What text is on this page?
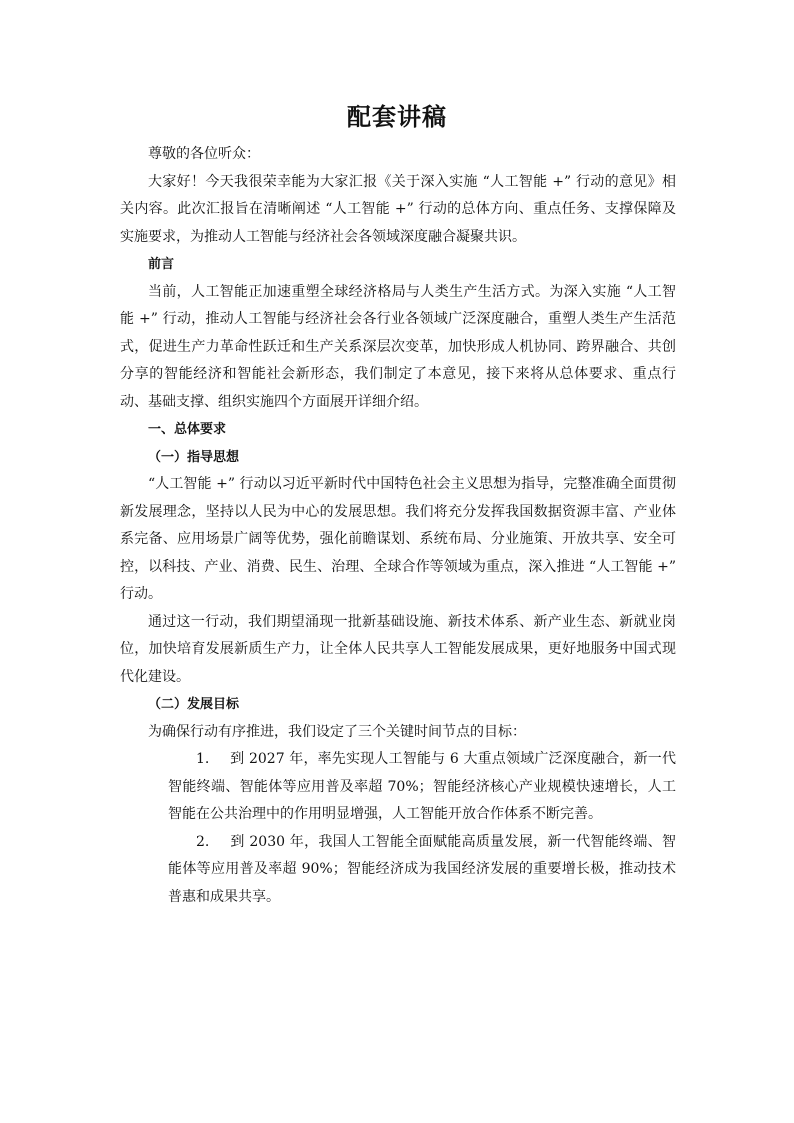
配套讲稿

尊敬的各位听众：

大家好！今天我很荣幸能为大家汇报《关于深入实施 “人工智能 +” 行动的意见》相关内容。此次汇报旨在清晰阐述 “人工智能 +” 行动的总体方向、重点任务、支撑保障及实施要求，为推动人工智能与经济社会各领域深度融合凝聚共识。

前言

当前，人工智能正加速重塑全球经济格局与人类生产生活方式。为深入实施 “人工智能 +” 行动，推动人工智能与经济社会各行业各领域广泛深度融合，重塑人类生产生活范式，促进生产力革命性跃迁和生产关系深层次变革，加快形成人机协同、跨界融合、共创分享的智能经济和智能社会新形态，我们制定了本意见，接下来将从总体要求、重点行动、基础支撑、组织实施四个方面展开详细介绍。

一、总体要求

（一）指导思想

“人工智能 +” 行动以习近平新时代中国特色社会主义思想为指导，完整准确全面贯彻新发展理念，坚持以人民为中心的发展思想。我们将充分发挥我国数据资源丰富、产业体系完备、应用场景广阔等优势，强化前瞻谋划、系统布局、分业施策、开放共享、安全可控，以科技、产业、消费、民生、治理、全球合作等领域为重点，深入推进 “人工智能 +” 行动。

通过这一行动，我们期望涌现一批新基础设施、新技术体系、新产业生态、新就业岗位，加快培育发展新质生产力，让全体人民共享人工智能发展成果，更好地服务中国式现代化建设。

（二）发展目标

为确保行动有序推进，我们设定了三个关键时间节点的目标：

1. 到 2027 年，率先实现人工智能与 6 大重点领域广泛深度融合，新一代智能终端、智能体等应用普及率超 70%；智能经济核心产业规模快速增长，人工智能在公共治理中的作用明显增强，人工智能开放合作体系不断完善。
2. 到 2030 年，我国人工智能全面赋能高质量发展，新一代智能终端、智能体等应用普及率超 90%；智能经济成为我国经济发展的重要增长极，推动技术普惠和成果共享。
